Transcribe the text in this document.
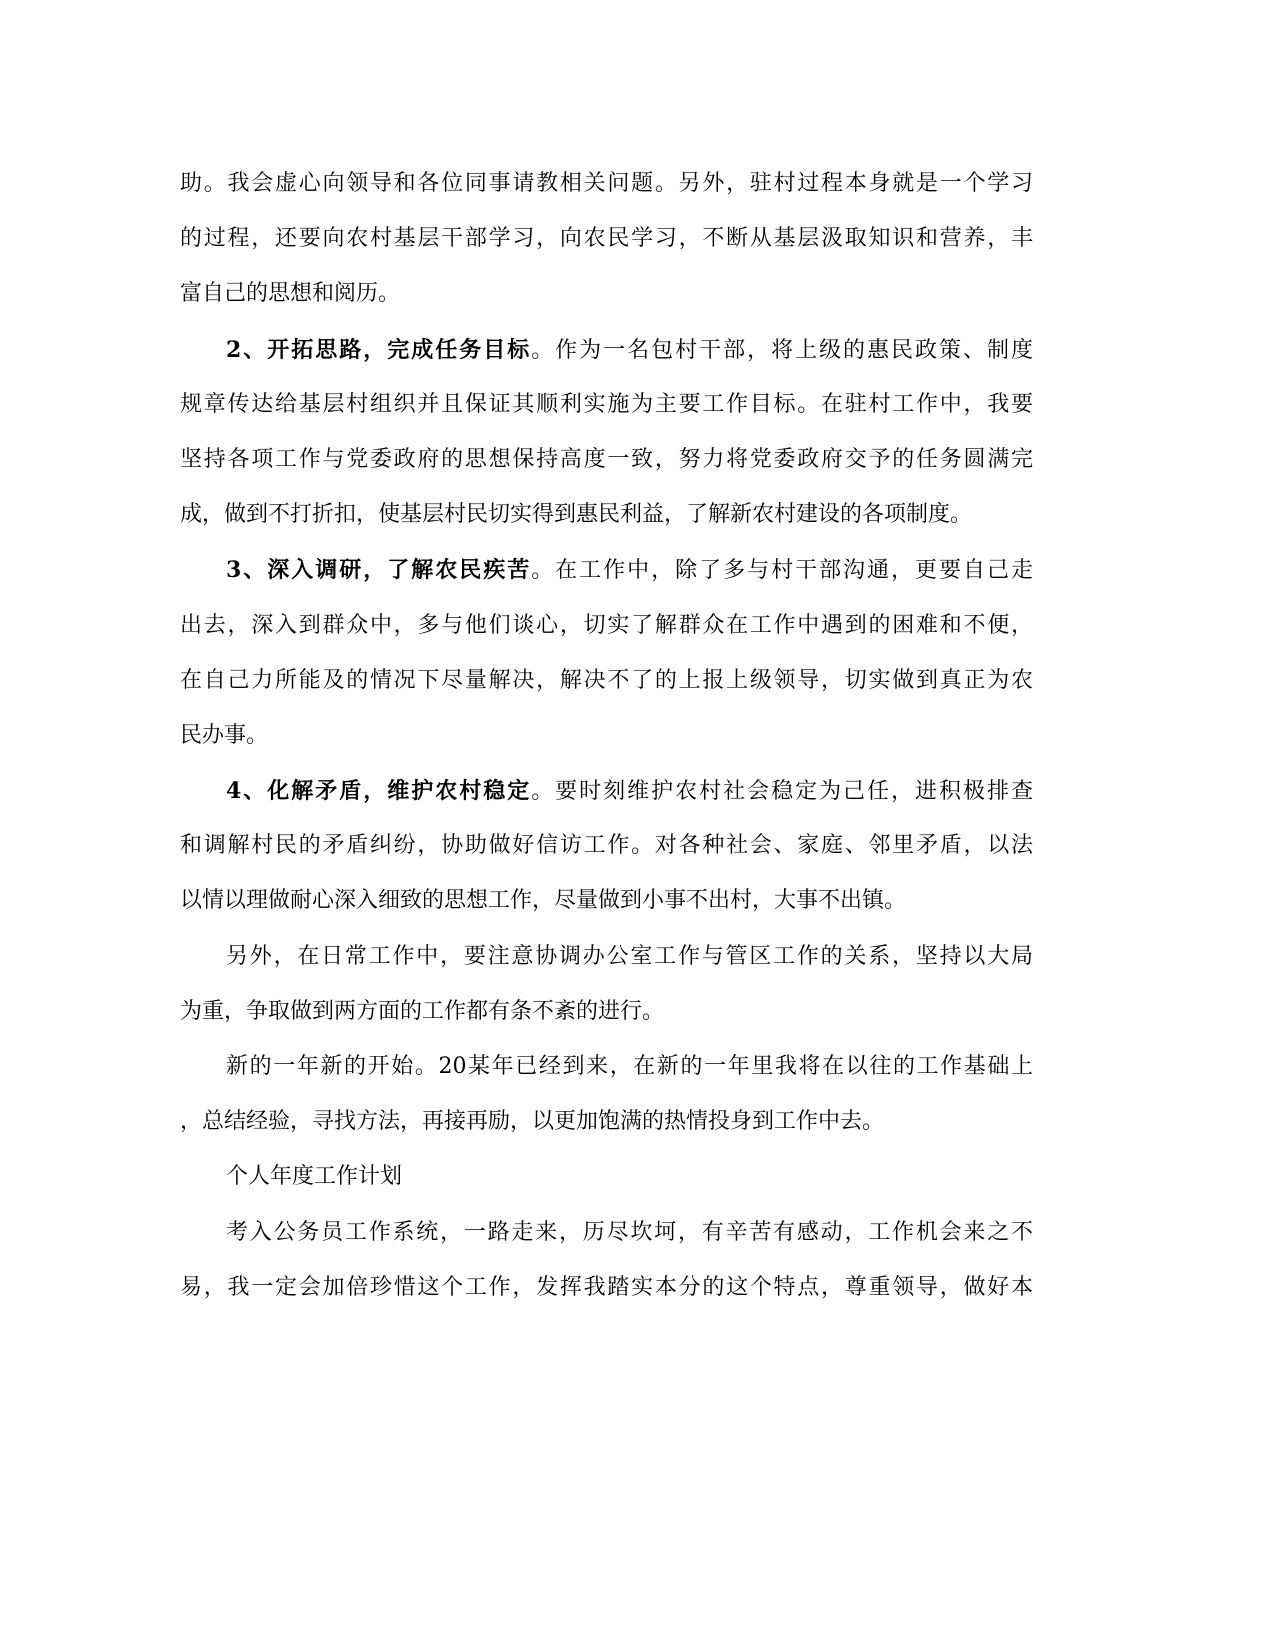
助。我会虚心向领导和各位同事请教相关问题。另外，驻村过程本身就是一个学习
的过程，还要向农村基层干部学习，向农民学习，不断从基层汲取知识和营养，丰
富自己的思想和阅历。
2、开拓思路，完成任务目标。作为一名包村干部，将上级的惠民政策、制度
规章传达给基层村组织并且保证其顺利实施为主要工作目标。在驻村工作中，我要
坚持各项工作与党委政府的思想保持高度一致，努力将党委政府交予的任务圆满完
成，做到不打折扣，使基层村民切实得到惠民利益，了解新农村建设的各项制度。
3、深入调研，了解农民疾苦。在工作中，除了多与村干部沟通，更要自己走
出去，深入到群众中，多与他们谈心，切实了解群众在工作中遇到的困难和不便，
在自己力所能及的情况下尽量解决，解决不了的上报上级领导，切实做到真正为农
民办事。
4、化解矛盾，维护农村稳定。要时刻维护农村社会稳定为己任，进积极排查
和调解村民的矛盾纠纷，协助做好信访工作。对各种社会、家庭、邻里矛盾，以法
以情以理做耐心深入细致的思想工作，尽量做到小事不出村，大事不出镇。
另外，在日常工作中，要注意协调办公室工作与管区工作的关系，坚持以大局
为重，争取做到两方面的工作都有条不紊的进行。
新的一年新的开始。20某年已经到来，在新的一年里我将在以往的工作基础上
，总结经验，寻找方法，再接再励，以更加饱满的热情投身到工作中去。
个人年度工作计划
考入公务员工作系统，一路走来，历尽坎坷，有辛苦有感动，工作机会来之不
易，我一定会加倍珍惜这个工作，发挥我踏实本分的这个特点，尊重领导，做好本
